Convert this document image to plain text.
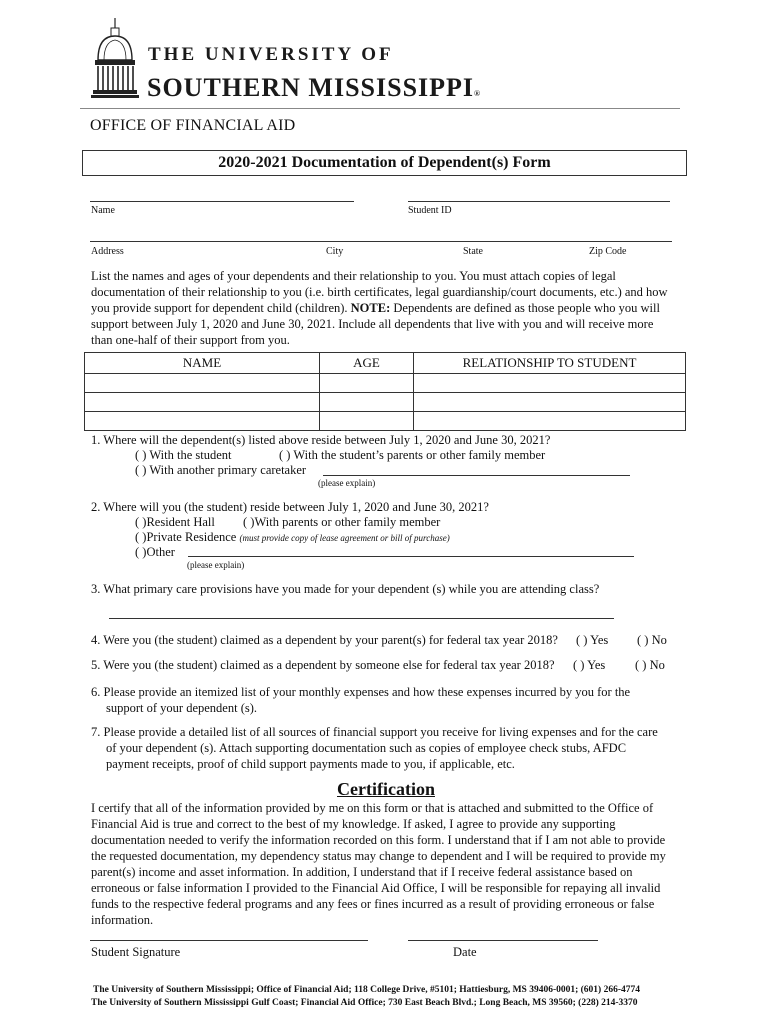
THE UNIVERSITY OF
SOUTHERN MISSISSIPPI®
OFFICE OF FINANCIAL AID
2020-2021 Documentation of Dependent(s) Form
Name	Student ID
Address	City	State	Zip Code
List the names and ages of your dependents and their relationship to you. You must attach copies of legal
documentation of their relationship to you (i.e. birth certificates, legal guardianship/court documents, etc.) and how
you provide support for dependent child (children). NOTE: Dependents are defined as those people who you will
support between July 1, 2020 and June 30, 2021. Include all dependents that live with you and will receive more
than one-half of their support from you.
NAME	AGE	RELATIONSHIP TO STUDENT

1. Where will the dependent(s) listed above reside between July 1, 2020 and June 30, 2021?
( ) With the student	( ) With the student’s parents or other family member
( ) With another primary caretaker
(please explain)
2. Where will you (the student) reside between July 1, 2020 and June 30, 2021?
( )Resident Hall ( )With parents or other family member
( )Private Residence (must provide copy of lease agreement or bill of purchase)
( )Other
(please explain)
3. What primary care provisions have you made for your dependent (s) while you are attending class?
4. Were you (the student) claimed as a dependent by your parent(s) for federal tax year 2018? ( ) Yes ( ) No
5. Were you (the student) claimed as a dependent by someone else for federal tax year 2018? ( ) Yes ( ) No
6. Please provide an itemized list of your monthly expenses and how these expenses incurred by you for the
support of your dependent (s).
7. Please provide a detailed list of all sources of financial support you receive for living expenses and for the care
of your dependent (s). Attach supporting documentation such as copies of employee check stubs, AFDC
payment receipts, proof of child support payments made to you, if applicable, etc.
Certification
I certify that all of the information provided by me on this form or that is attached and submitted to the Office of
Financial Aid is true and correct to the best of my knowledge. If asked, I agree to provide any supporting
documentation needed to verify the information recorded on this form. I understand that if I am not able to provide
the requested documentation, my dependency status may change to dependent and I will be required to provide my
parent(s) income and asset information. In addition, I understand that if I receive federal assistance based on
erroneous or false information I provided to the Financial Aid Office, I will be responsible for repaying all invalid
funds to the respective federal programs and any fees or fines incurred as a result of providing erroneous or false
information.
Student Signature	Date
The University of Southern Mississippi; Office of Financial Aid; 118 College Drive, #5101; Hattiesburg, MS 39406-0001; (601) 266-4774
The University of Southern Mississippi Gulf Coast; Financial Aid Office; 730 East Beach Blvd.; Long Beach, MS 39560; (228) 214-3370
